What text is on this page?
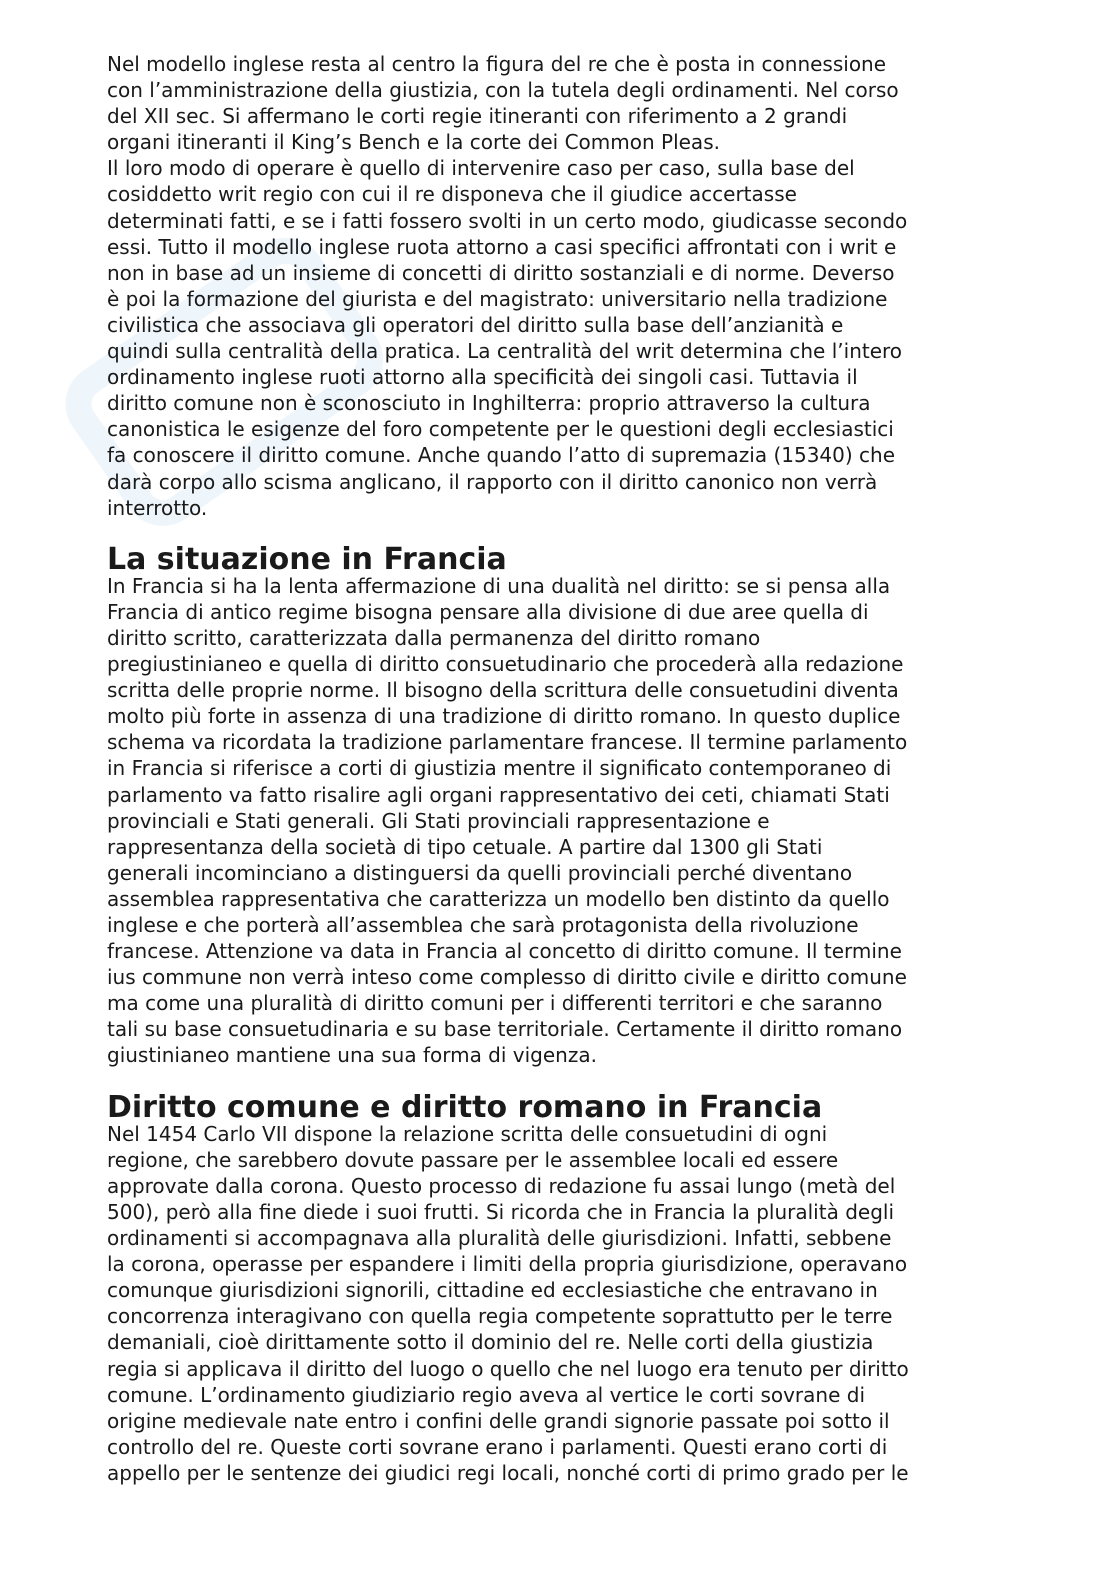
Nel modello inglese resta al centro la figura del re che è posta in connessione
con l’amministrazione della giustizia, con la tutela degli ordinamenti. Nel corso
del XII sec. Si affermano le corti regie itineranti con riferimento a 2 grandi
organi itineranti il King’s Bench e la corte dei Common Pleas.
Il loro modo di operare è quello di intervenire caso per caso, sulla base del
cosiddetto writ regio con cui il re disponeva che il giudice accertasse
determinati fatti, e se i fatti fossero svolti in un certo modo, giudicasse secondo
essi. Tutto il modello inglese ruota attorno a casi specifici affrontati con i writ e
non in base ad un insieme di concetti di diritto sostanziali e di norme. Deverso
è poi la formazione del giurista e del magistrato: universitario nella tradizione
civilistica che associava gli operatori del diritto sulla base dell’anzianità e
quindi sulla centralità della pratica. La centralità del writ determina che l’intero
ordinamento inglese ruoti attorno alla specificità dei singoli casi. Tuttavia il
diritto comune non è sconosciuto in Inghilterra: proprio attraverso la cultura
canonistica le esigenze del foro competente per le questioni degli ecclesiastici
fa conoscere il diritto comune. Anche quando l’atto di supremazia (15340) che
darà corpo allo scisma anglicano, il rapporto con il diritto canonico non verrà
interrotto.

La situazione in Francia

In Francia si ha la lenta affermazione di una dualità nel diritto: se si pensa alla
Francia di antico regime bisogna pensare alla divisione di due aree quella di
diritto scritto, caratterizzata dalla permanenza del diritto romano
pregiustinianeo e quella di diritto consuetudinario che procederà alla redazione
scritta delle proprie norme. Il bisogno della scrittura delle consuetudini diventa
molto più forte in assenza di una tradizione di diritto romano. In questo duplice
schema va ricordata la tradizione parlamentare francese. Il termine parlamento
in Francia si riferisce a corti di giustizia mentre il significato contemporaneo di
parlamento va fatto risalire agli organi rappresentativo dei ceti, chiamati Stati
provinciali e Stati generali. Gli Stati provinciali rappresentazione e
rappresentanza della società di tipo cetuale. A partire dal 1300 gli Stati
generali incominciano a distinguersi da quelli provinciali perché diventano
assemblea rappresentativa che caratterizza un modello ben distinto da quello
inglese e che porterà all’assemblea che sarà protagonista della rivoluzione
francese. Attenzione va data in Francia al concetto di diritto comune. Il termine
ius commune non verrà inteso come complesso di diritto civile e diritto comune
ma come una pluralità di diritto comuni per i differenti territori e che saranno
tali su base consuetudinaria e su base territoriale. Certamente il diritto romano
giustinianeo mantiene una sua forma di vigenza.

Diritto comune e diritto romano in Francia

Nel 1454 Carlo VII dispone la relazione scritta delle consuetudini di ogni
regione, che sarebbero dovute passare per le assemblee locali ed essere
approvate dalla corona. Questo processo di redazione fu assai lungo (metà del
500), però alla fine diede i suoi frutti. Si ricorda che in Francia la pluralità degli
ordinamenti si accompagnava alla pluralità delle giurisdizioni. Infatti, sebbene
la corona, operasse per espandere i limiti della propria giurisdizione, operavano
comunque giurisdizioni signorili, cittadine ed ecclesiastiche che entravano in
concorrenza interagivano con quella regia competente soprattutto per le terre
demaniali, cioè dirittamente sotto il dominio del re. Nelle corti della giustizia
regia si applicava il diritto del luogo o quello che nel luogo era tenuto per diritto
comune. L’ordinamento giudiziario regio aveva al vertice le corti sovrane di
origine medievale nate entro i confini delle grandi signorie passate poi sotto il
controllo del re. Queste corti sovrane erano i parlamenti. Questi erano corti di
appello per le sentenze dei giudici regi locali, nonché corti di primo grado per le
